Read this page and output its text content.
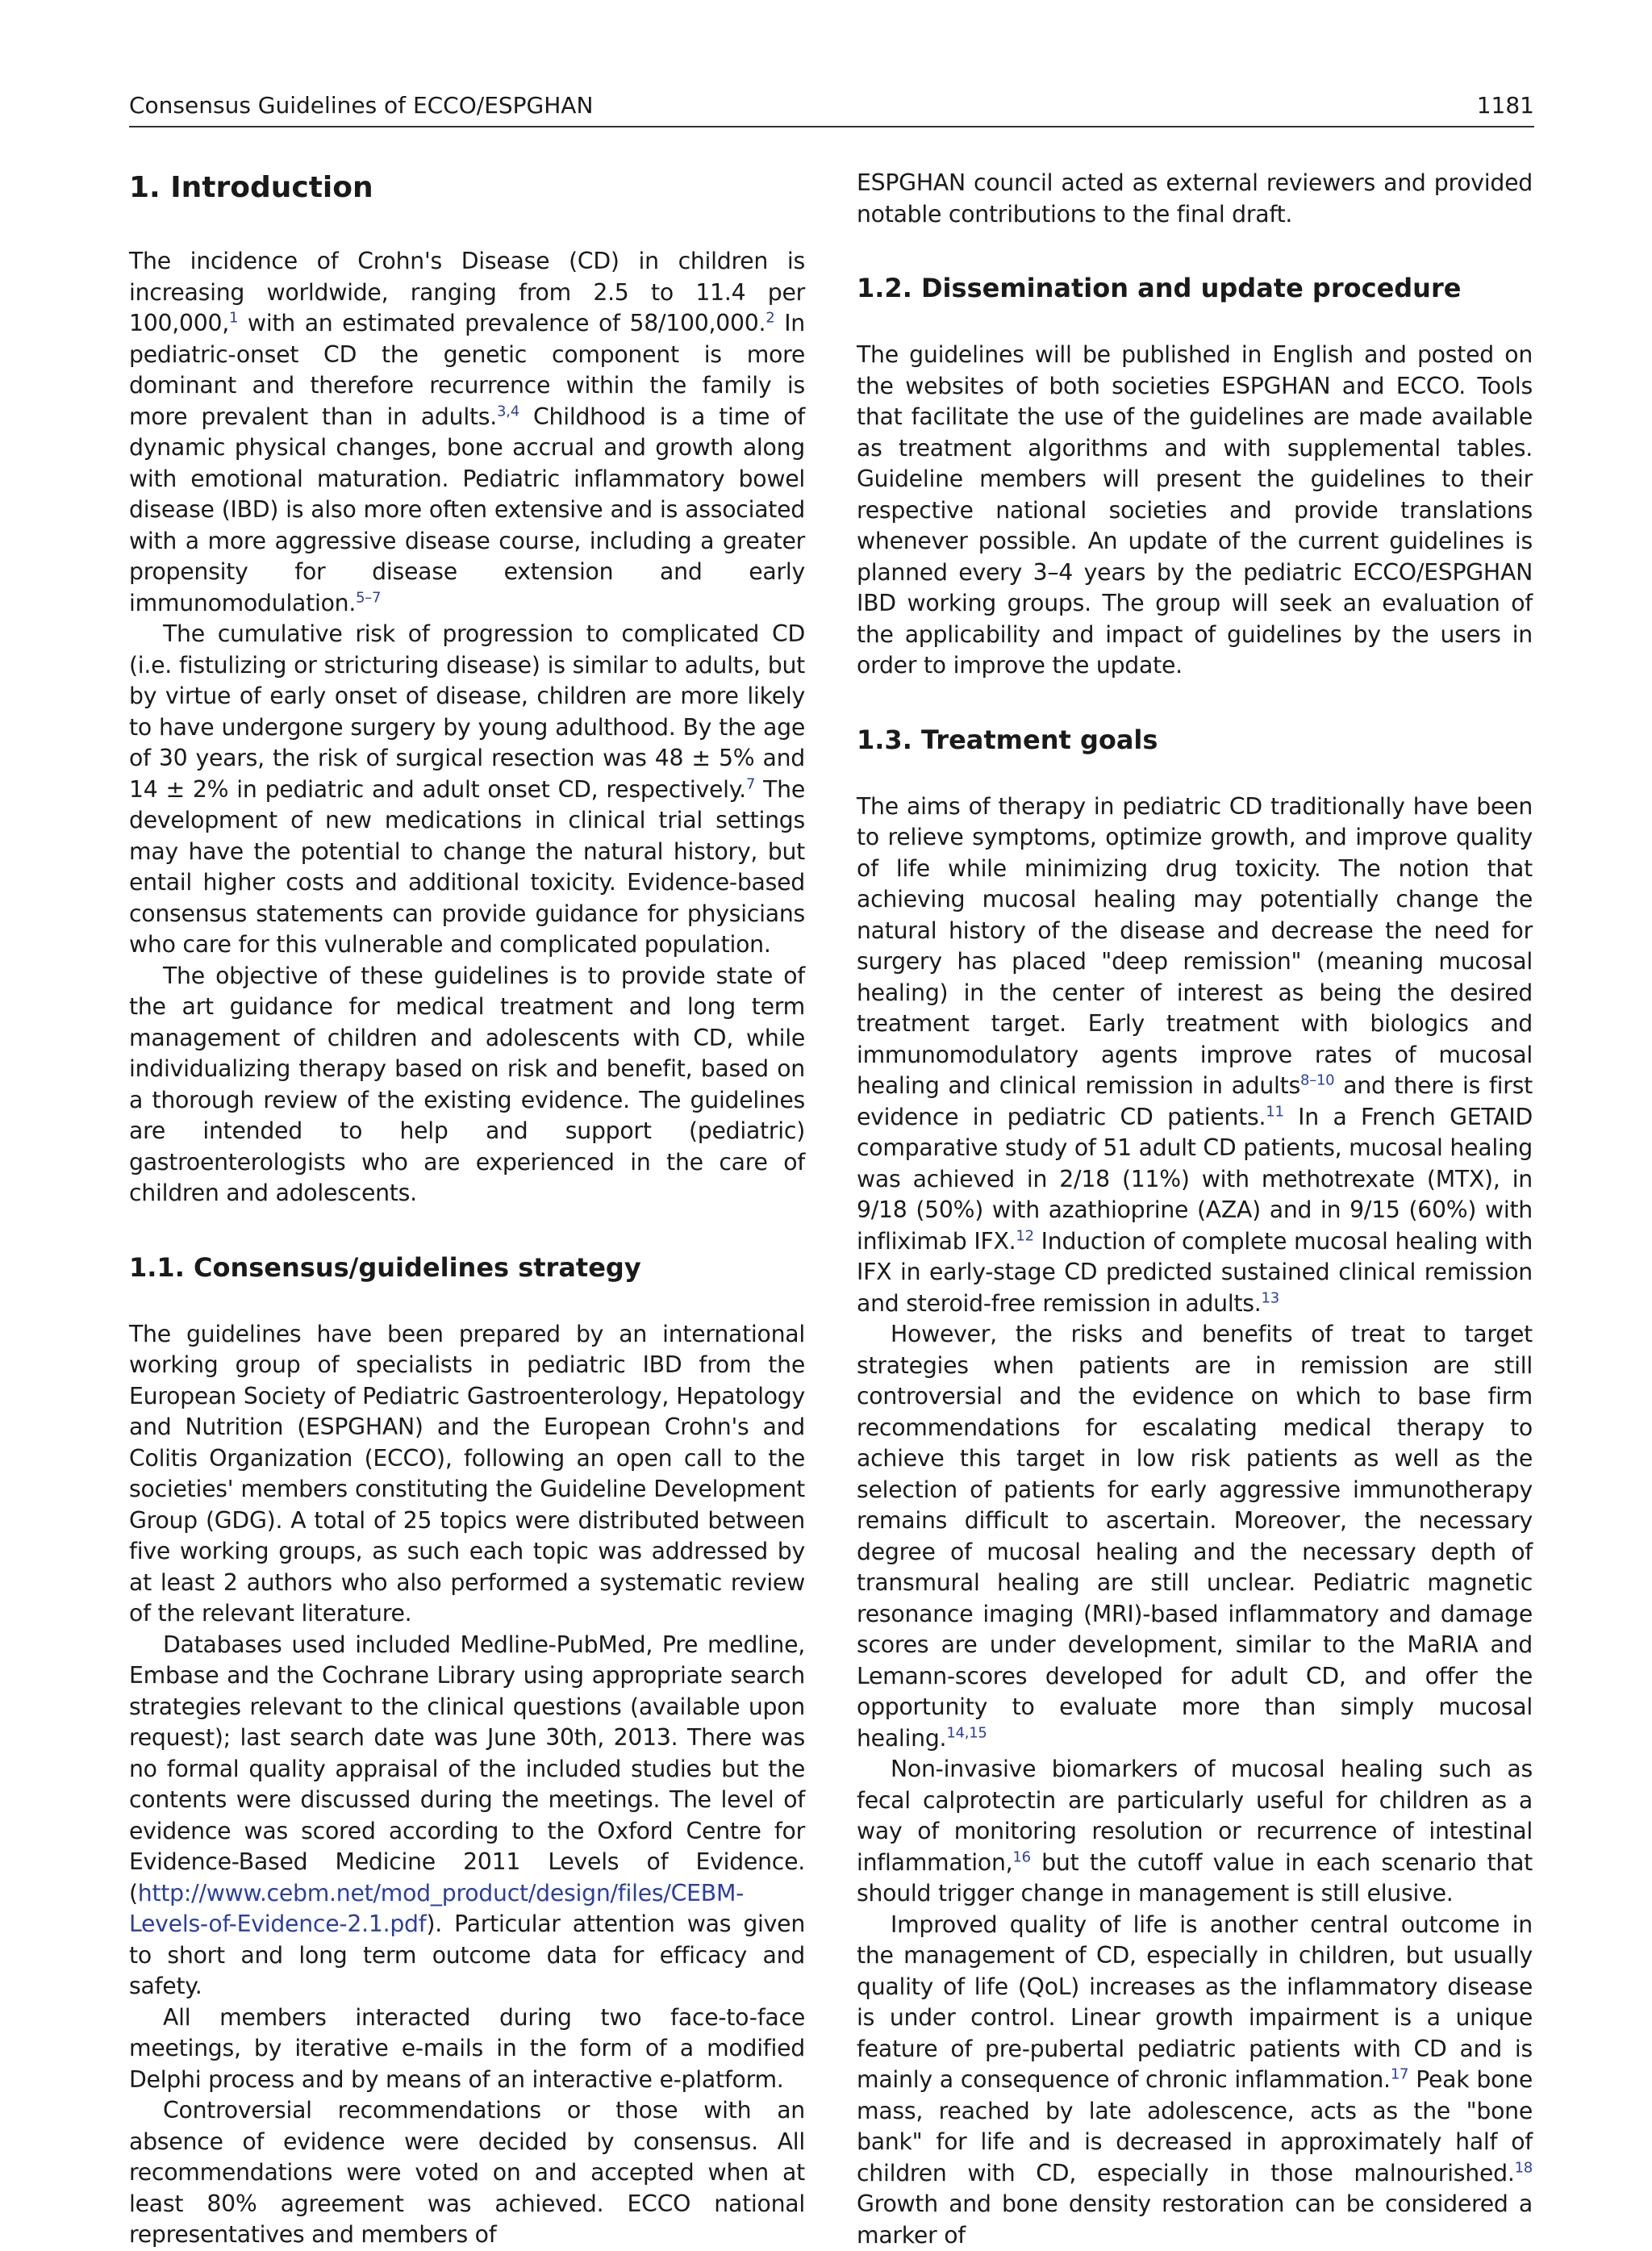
Consensus Guidelines of ECCO/ESPGHAN	1181
1. Introduction

The incidence of Crohn's Disease (CD) in children is increasing worldwide, ranging from 2.5 to 11.4 per 100,000,$^1$ with an estimated prevalence of 58/100,000.$^2$ In pediatric-onset CD the genetic component is more dominant and therefore recurrence within the family is more prevalent than in adults.$^{3,4}$ Childhood is a time of dynamic physical changes, bone accrual and growth along with emotional maturation. Pediatric inflammatory bowel disease (IBD) is also more often extensive and is associated with a more aggressive disease course, including a greater propensity for disease extension and early immunomodulation.$^{5-7}$

The cumulative risk of progression to complicated CD (i.e. fistulizing or stricturing disease) is similar to adults, but by virtue of early onset of disease, children are more likely to have undergone surgery by young adulthood. By the age of 30 years, the risk of surgical resection was 48 ± 5% and 14 ± 2% in pediatric and adult onset CD, respectively.$^7$ The development of new medications in clinical trial settings may have the potential to change the natural history, but entail higher costs and additional toxicity. Evidence-based consensus statements can provide guidance for physicians who care for this vulnerable and complicated population.

The objective of these guidelines is to provide state of the art guidance for medical treatment and long term management of children and adolescents with CD, while individualizing therapy based on risk and benefit, based on a thorough review of the existing evidence. The guidelines are intended to help and support (pediatric) gastroenterologists who are experienced in the care of children and adolescents.

1.1. Consensus/guidelines strategy

The guidelines have been prepared by an international working group of specialists in pediatric IBD from the European Society of Pediatric Gastroenterology, Hepatology and Nutrition (ESPGHAN) and the European Crohn's and Colitis Organization (ECCO), following an open call to the societies' members constituting the Guideline Development Group (GDG). A total of 25 topics were distributed between five working groups, as such each topic was addressed by at least 2 authors who also performed a systematic review of the relevant literature.

Databases used included Medline-PubMed, Pre medline, Embase and the Cochrane Library using appropriate search strategies relevant to the clinical questions (available upon request); last search date was June 30th, 2013. There was no formal quality appraisal of the included studies but the contents were discussed during the meetings. The level of evidence was scored according to the Oxford Centre for Evidence-Based Medicine 2011 Levels of Evidence. (http://www.cebm.net/mod_product/design/files/CEBM-Levels-of-Evidence-2.1.pdf). Particular attention was given to short and long term outcome data for efficacy and safety.

All members interacted during two face-to-face meetings, by iterative e-mails in the form of a modified Delphi process and by means of an interactive e-platform.

Controversial recommendations or those with an absence of evidence were decided by consensus. All recommendations were voted on and accepted when at least 80% agreement was achieved. ECCO national representatives and members of

ESPGHAN council acted as external reviewers and provided notable contributions to the final draft.

1.2. Dissemination and update procedure

The guidelines will be published in English and posted on the websites of both societies ESPGHAN and ECCO. Tools that facilitate the use of the guidelines are made available as treatment algorithms and with supplemental tables. Guideline members will present the guidelines to their respective national societies and provide translations whenever possible. An update of the current guidelines is planned every 3–4 years by the pediatric ECCO/ESPGHAN IBD working groups. The group will seek an evaluation of the applicability and impact of guidelines by the users in order to improve the update.

1.3. Treatment goals

The aims of therapy in pediatric CD traditionally have been to relieve symptoms, optimize growth, and improve quality of life while minimizing drug toxicity. The notion that achieving mucosal healing may potentially change the natural history of the disease and decrease the need for surgery has placed "deep remission" (meaning mucosal healing) in the center of interest as being the desired treatment target. Early treatment with biologics and immunomodulatory agents improve rates of mucosal healing and clinical remission in adults$^{8-10}$ and there is first evidence in pediatric CD patients.$^{11}$ In a French GETAID comparative study of 51 adult CD patients, mucosal healing was achieved in 2/18 (11%) with methotrexate (MTX), in 9/18 (50%) with azathioprine (AZA) and in 9/15 (60%) with infliximab IFX.$^{12}$ Induction of complete mucosal healing with IFX in early-stage CD predicted sustained clinical remission and steroid-free remission in adults.$^{13}$

However, the risks and benefits of treat to target strategies when patients are in remission are still controversial and the evidence on which to base firm recommendations for escalating medical therapy to achieve this target in low risk patients as well as the selection of patients for early aggressive immunotherapy remains difficult to ascertain. Moreover, the necessary degree of mucosal healing and the necessary depth of transmural healing are still unclear. Pediatric magnetic resonance imaging (MRI)-based inflammatory and damage scores are under development, similar to the MaRIA and Lemann-scores developed for adult CD, and offer the opportunity to evaluate more than simply mucosal healing.$^{14,15}$

Non-invasive biomarkers of mucosal healing such as fecal calprotectin are particularly useful for children as a way of monitoring resolution or recurrence of intestinal inflammation,$^{16}$ but the cutoff value in each scenario that should trigger change in management is still elusive.

Improved quality of life is another central outcome in the management of CD, especially in children, but usually quality of life (QoL) increases as the inflammatory disease is under control. Linear growth impairment is a unique feature of pre-pubertal pediatric patients with CD and is mainly a consequence of chronic inflammation.$^{17}$ Peak bone mass, reached by late adolescence, acts as the "bone bank" for life and is decreased in approximately half of children with CD, especially in those malnourished.$^{18}$ Growth and bone density restoration can be considered a marker of
